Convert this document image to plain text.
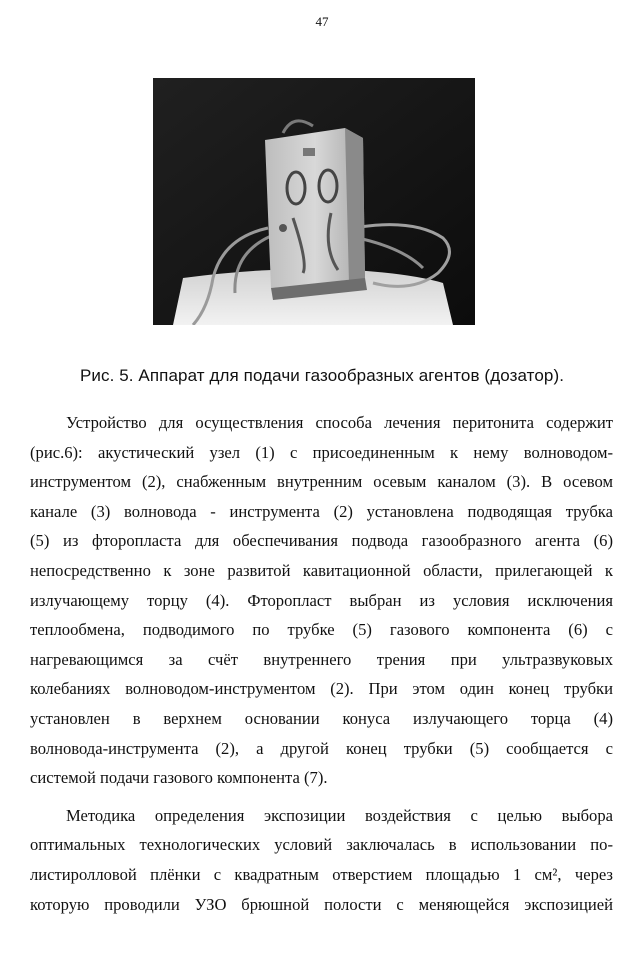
47
Рис. 5. Аппарат для подачи газообразных агентов (дозатор).
Устройство для осуществления способа лечения перитонита содержит
(рис.6): акустический узел (1) с присоединенным к нему волноводом-
инструментом (2), снабженным внутренним осевым каналом (3). В осевом
канале (3) волновода - инструмента (2) установлена подводящая трубка
(5) из фторопласта для обеспечивания подвода газообразного агента (6)
непосредственно к зоне развитой кавитационной области, прилегающей к
излучающему торцу (4). Фторопласт выбран из условия исключения
теплообмена, подводимого по трубке (5) газового компонента (6) с
нагревающимся за счёт внутреннего трения при ультразвуковых
колебаниях волноводом-инструментом (2). При этом один конец трубки
установлен в верхнем основании конуса излучающего торца (4)
волновода-инструмента (2), а другой конец трубки (5) сообщается с
системой подачи газового компонента (7).
Методика определения экспозиции воздействия с целью выбора
оптимальных технологических условий заключалась в использовании по-
листиролловой плёнки с квадратным отверстием площадью 1 см², через
которую проводили УЗО брюшной полости с меняющейся экспозицией
